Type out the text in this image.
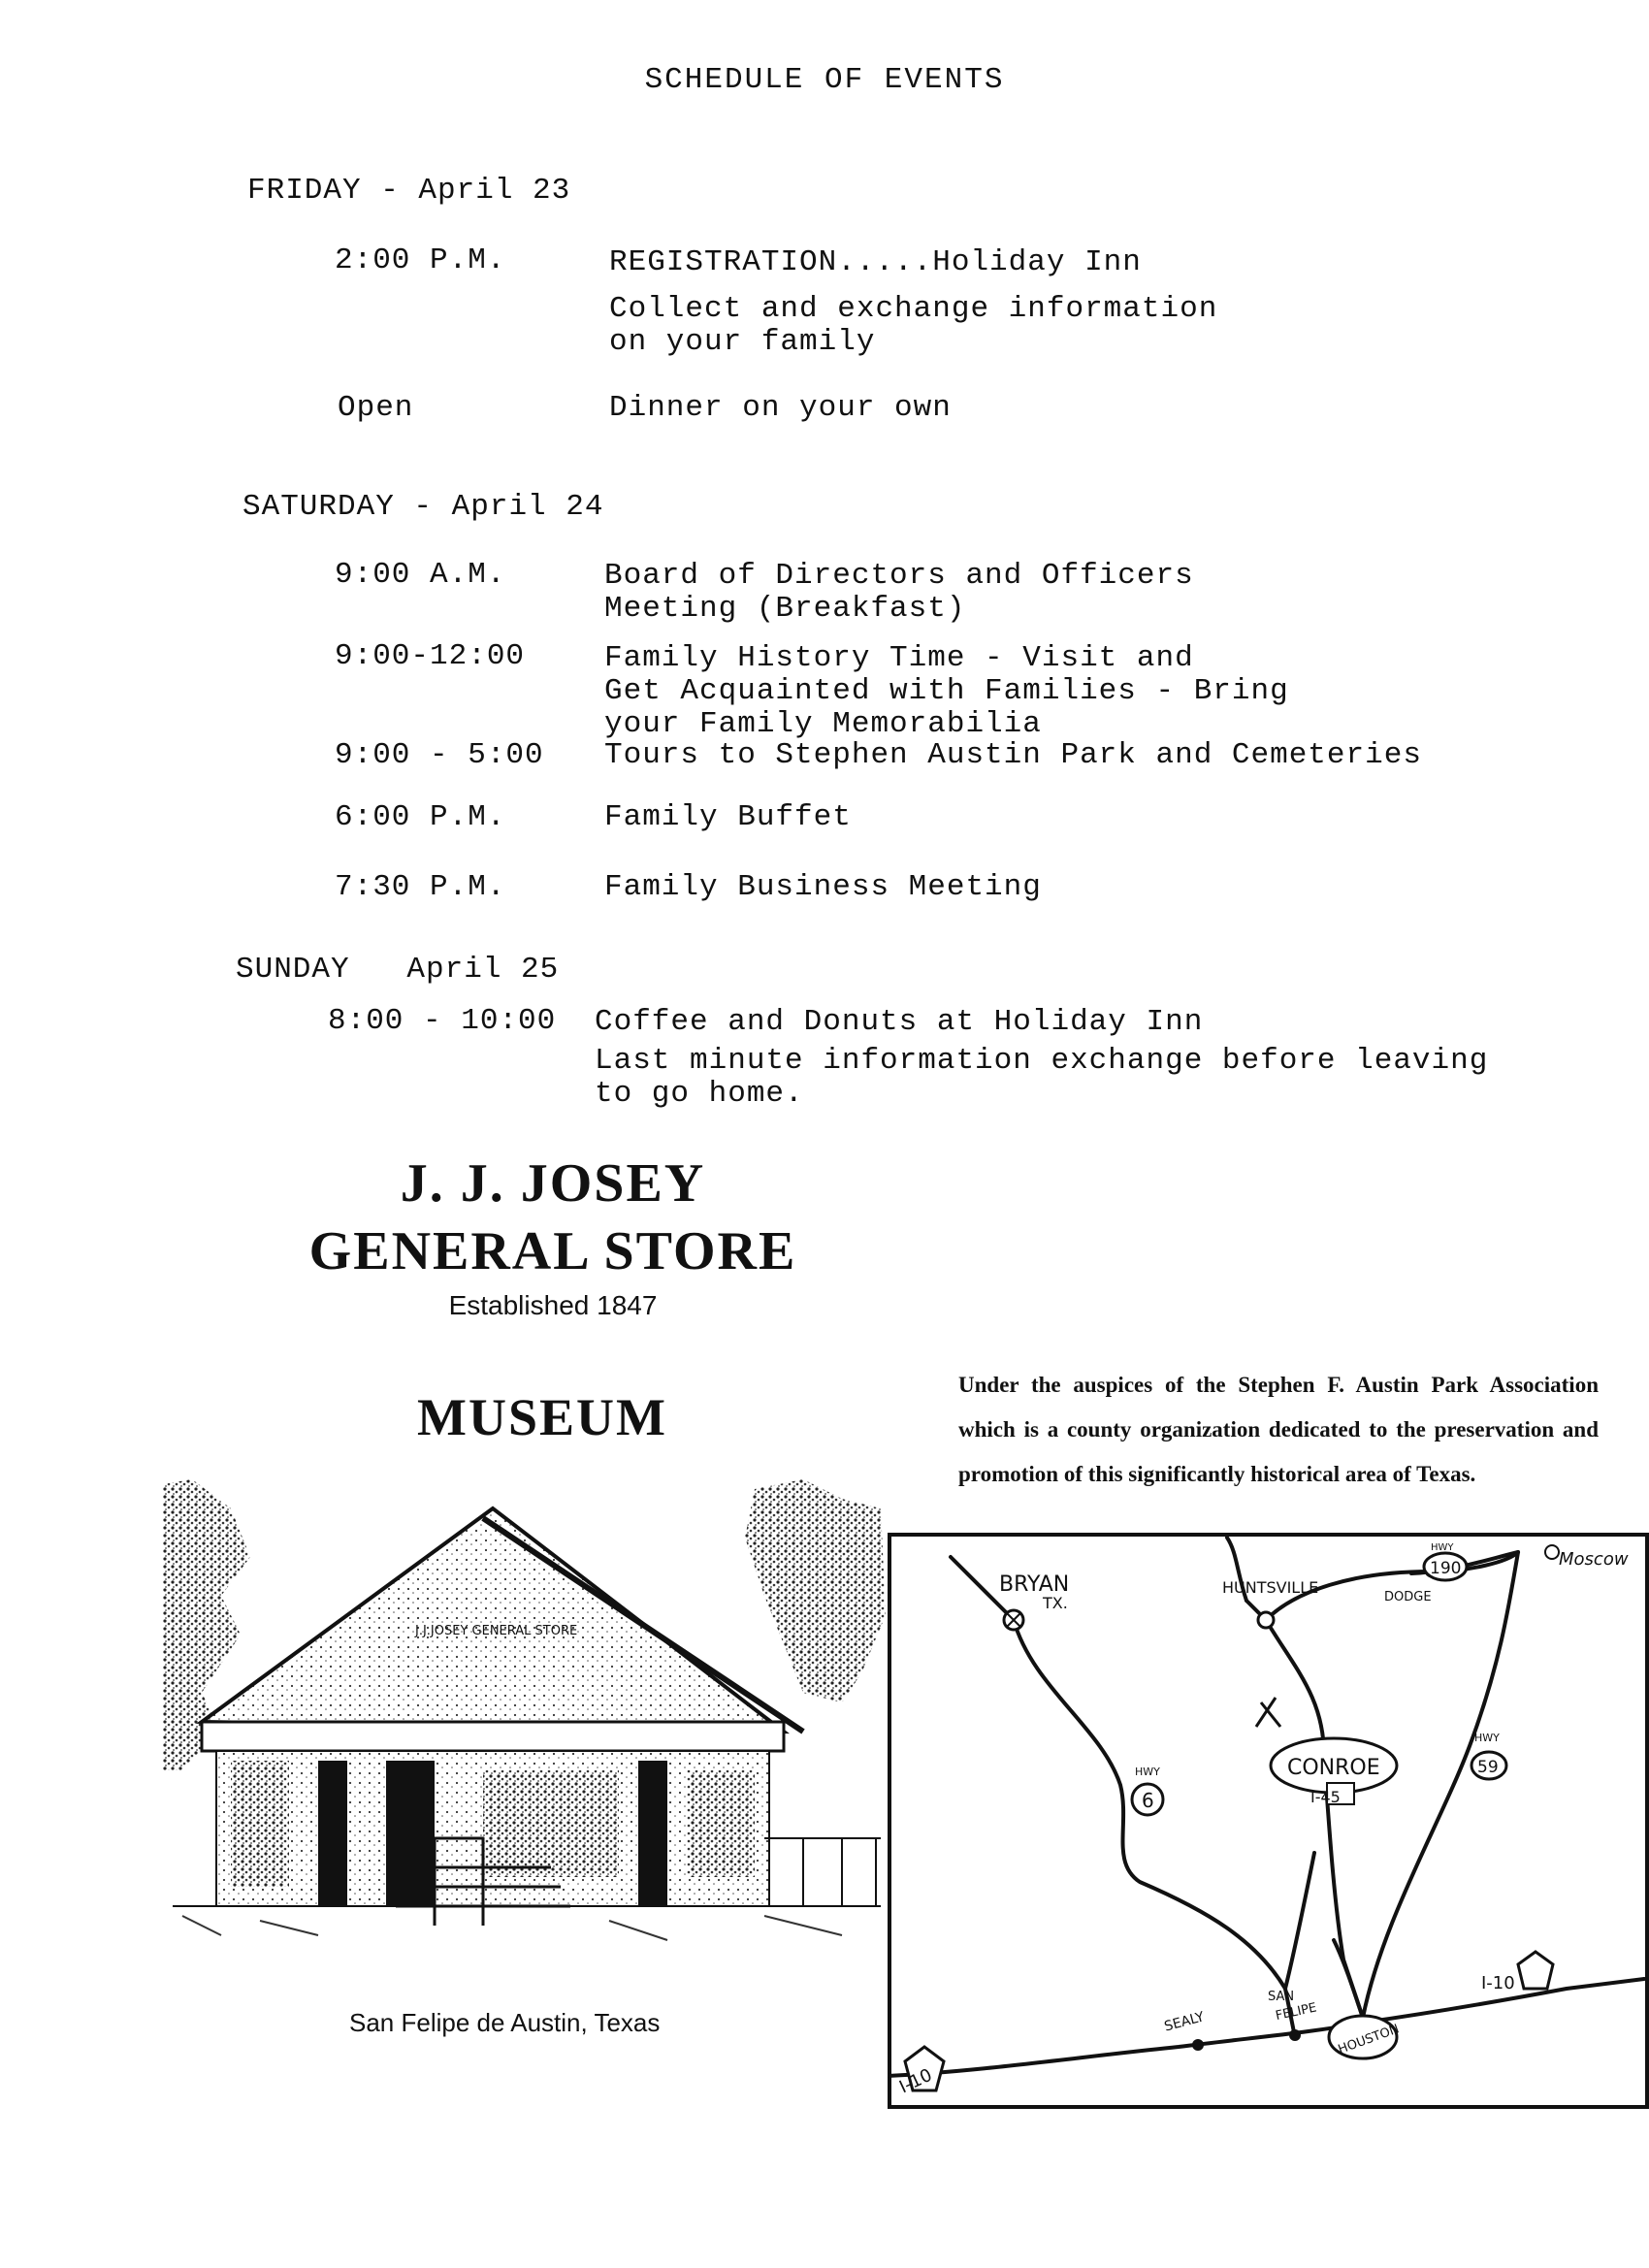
SCHEDULE OF EVENTS
FRIDAY - April 23
2:00 P.M.	REGISTRATION.....Holiday Inn
Collect and exchange information
on your family
Open	Dinner on your own
SATURDAY - April 24
9:00 A.M.	Board of Directors and Officers
Meeting (Breakfast)
9:00-12:00	Family History Time - Visit and
Get Acquainted with Families - Bring
your Family Memorabilia
9:00 - 5:00 Tours to Stephen Austin Park and Cemeteries
6:00 P.M.	Family Buffet
7:30 P.M.	Family Business Meeting
SUNDAY   April 25
8:00 - 10:00 Coffee and Donuts at Holiday Inn
Last minute information exchange before leaving
to go home.
J. J. JOSEY
GENERAL STORE
Established 1847
MUSEUM
J.J.JOSEY GENERAL STORE
San Felipe de Austin, Texas
Under the auspices of the Stephen F. Austin Park Association which is a county organization dedicated to the preservation and promotion of this significantly historical area of Texas.
BRYAN
TX.
HUNTSVILLE
DODGE
Moscow
CONROE
HOUSTON
SEALY
SAN
FELIPE
6
HWY
190
HWY
59
HWY
I-45
I-10
I-10
